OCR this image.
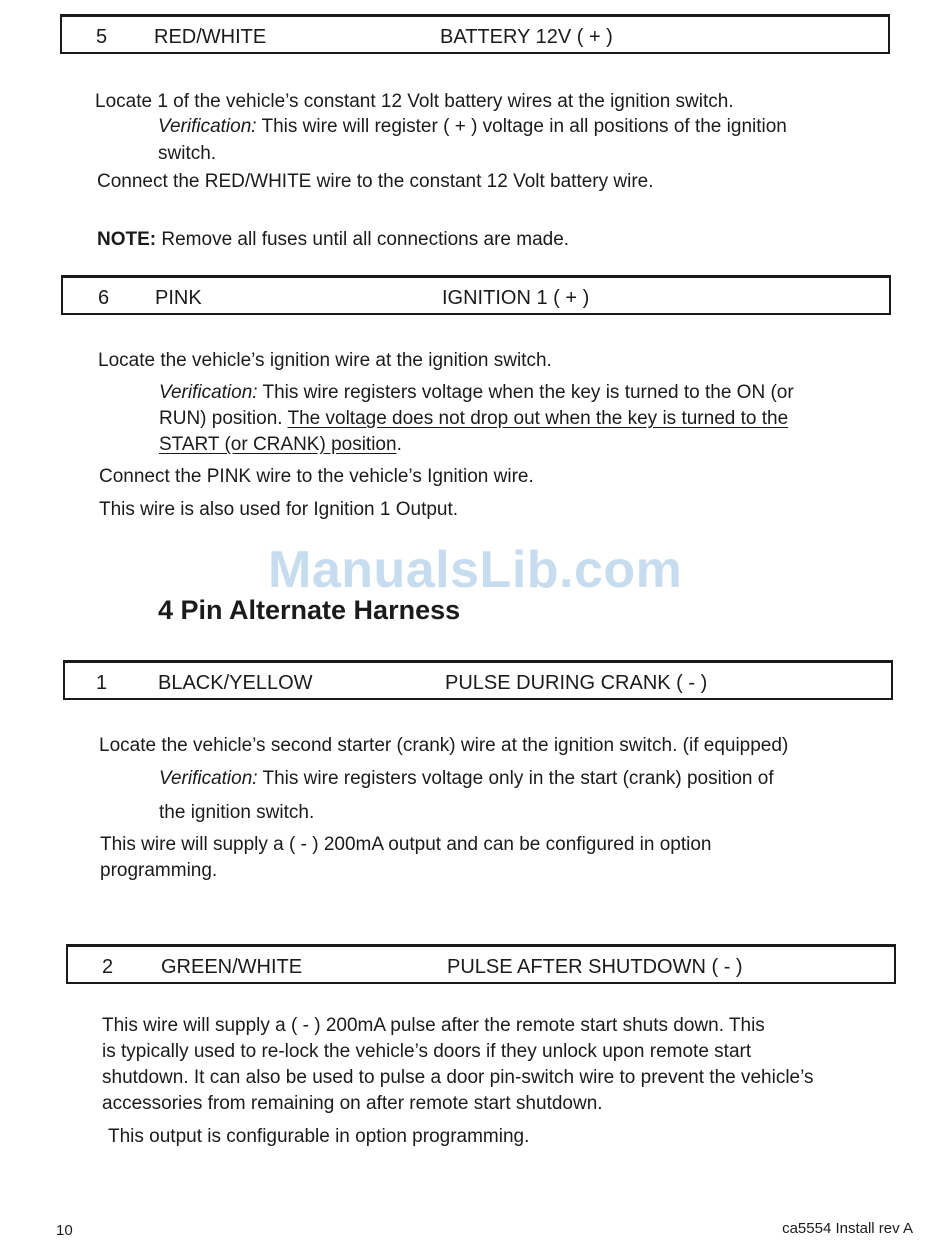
5 RED/WHITE	BATTERY 12V ( + )
Locate 1 of the vehicle’s constant 12 Volt battery wires at the ignition switch.
Verification: This wire will register ( + ) voltage in all positions of the ignition
switch.
Connect the RED/WHITE wire to the constant 12 Volt battery wire.
NOTE: Remove all fuses until all connections are made.
6 PINK	IGNITION 1 ( + )
Locate the vehicle’s ignition wire at the ignition switch.
Verification: This wire registers voltage when the key is turned to the ON (or
RUN) position. The voltage does not drop out when the key is turned to the
START (or CRANK) position.
Connect the PINK wire to the vehicle’s Ignition wire.
This wire is also used for Ignition 1 Output.
ManualsLib.com
4 Pin Alternate Harness
1	BLACK/YELLOW	PULSE DURING CRANK ( - )
Locate the vehicle’s second starter (crank) wire at the ignition switch. (if equipped)
Verification: This wire registers voltage only in the start (crank) position of
the ignition switch.
This wire will supply a ( - ) 200mA output and can be configured in option
programming.
2 GREEN/WHITE	PULSE AFTER SHUTDOWN ( - )
This wire will supply a ( - ) 200mA pulse after the remote start shuts down. This
is typically used to re-lock the vehicle’s doors if they unlock upon remote start
shutdown. It can also be used to pulse a door pin-switch wire to prevent the vehicle’s
accessories from remaining on after remote start shutdown.
This output is configurable in option programming.
10	ca5554 Install rev A
